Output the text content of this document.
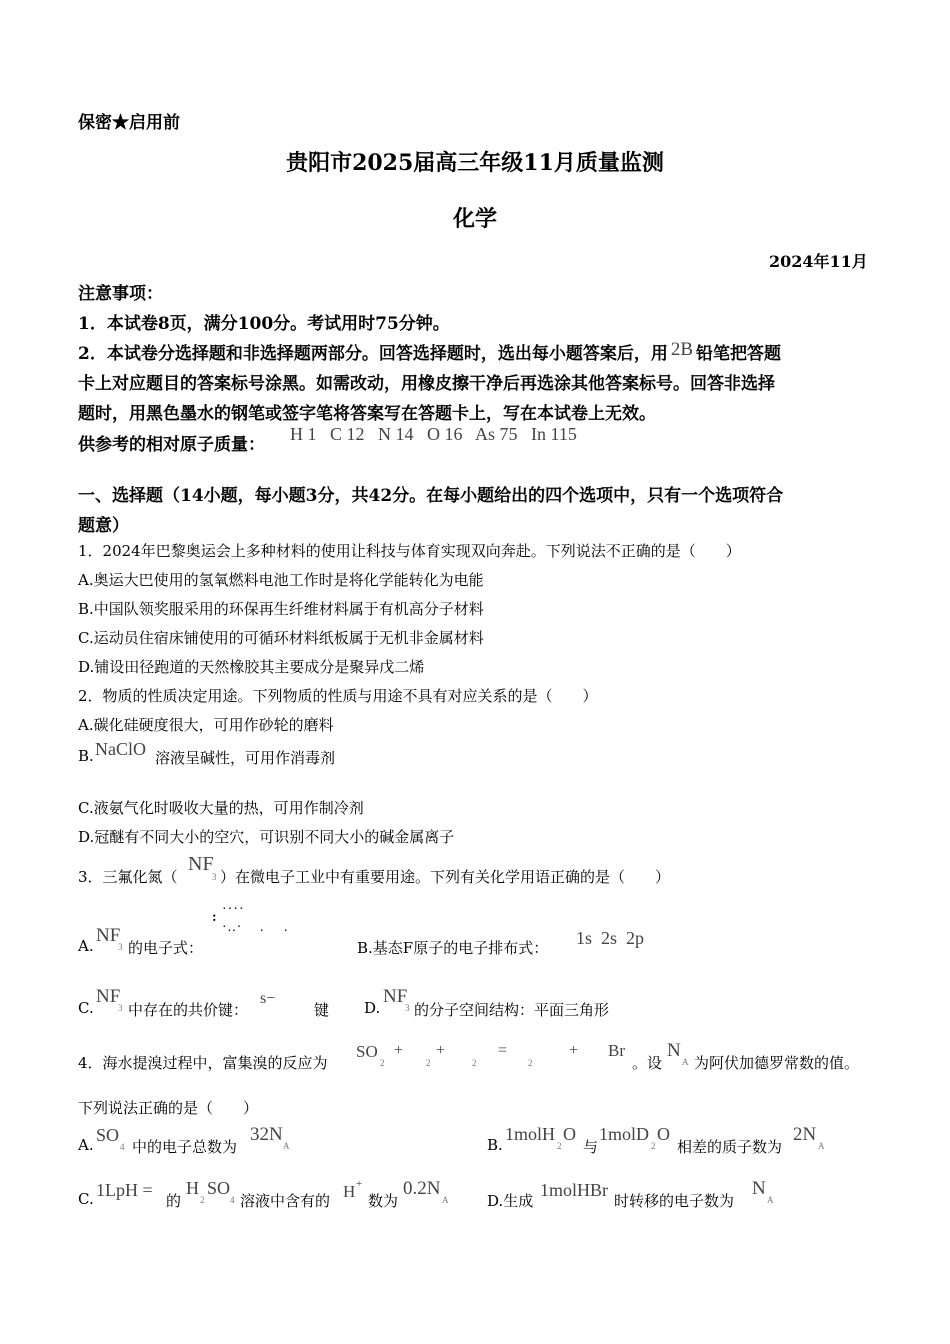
保密★启用前
贵阳市2025届高三年级11月质量监测
化学
2024年11月
注意事项：
1．本试卷8页，满分100分。考试用时75分钟。
2．本试卷分选择题和非选择题两部分。回答选择题时，选出每小题答案后，用 2B 铅笔把答题
卡上对应题目的答案标号涂黑。如需改动，用橡皮擦干净后再选涂其他答案标号。回答非选择
题时，用黑色墨水的钢笔或签字笔将答案写在答题卡上，写在本试卷上无效。
供参考的相对原子质量：
H 1   C 12   N 14   O 16   As 75   In 115
一、选择题（14小题，每小题3分，共42分。在每小题给出的四个选项中，只有一个选项符合
题意）
1．2024年巴黎奥运会上多种材料的使用让科技与体育实现双向奔赴。下列说法不正确的是（　　）
A.奥运大巴使用的氢氧燃料电池工作时是将化学能转化为电能
B.中国队领奖服采用的环保再生纤维材料属于有机高分子材料
C.运动员住宿床铺使用的可循环材料纸板属于无机非金属材料
D.铺设田径跑道的天然橡胶其主要成分是聚异戊二烯
2．物质的性质决定用途。下列物质的性质与用途不具有对应关系的是（　　）
A.碳化硅硬度很大，可用作砂轮的磨料
B. NaClO 溶液呈碱性，可用作消毒剂
C.液氨气化时吸收大量的热，可用作制冷剂
D.冠醚有不同大小的空穴，可识别不同大小的碱金属离子
3．三氟化氮（
NF
3 ）在微电子工业中有重要用途。下列有关化学用语正确的是（　　）
A. NF
3 的电子式：
····
:
·..· . .
B.基态F原子的电子排布式： 1s  2s  2p
C.
NF
3 中存在的共价键：
s−
键 D.
NF
3 的分子空间结构：平面三角形
4．海水提溴过程中，富集溴的反应为
SO
2
+
2
+
2
=
2
+ Br
。设
N
A 为阿伏加德罗常数的值。
下列说法正确的是（　　）
A. SO
4 中的电子总数为
32N
A	B.
1molH
2
O
与
1molD
2
O
相差的质子数为
2N
A
C. 1LpH =
的
H
2
SO
4 溶液中含有的 H +
数为
0.2N
A	D.生成
1molHBr
时转移的电子数为
N
A
